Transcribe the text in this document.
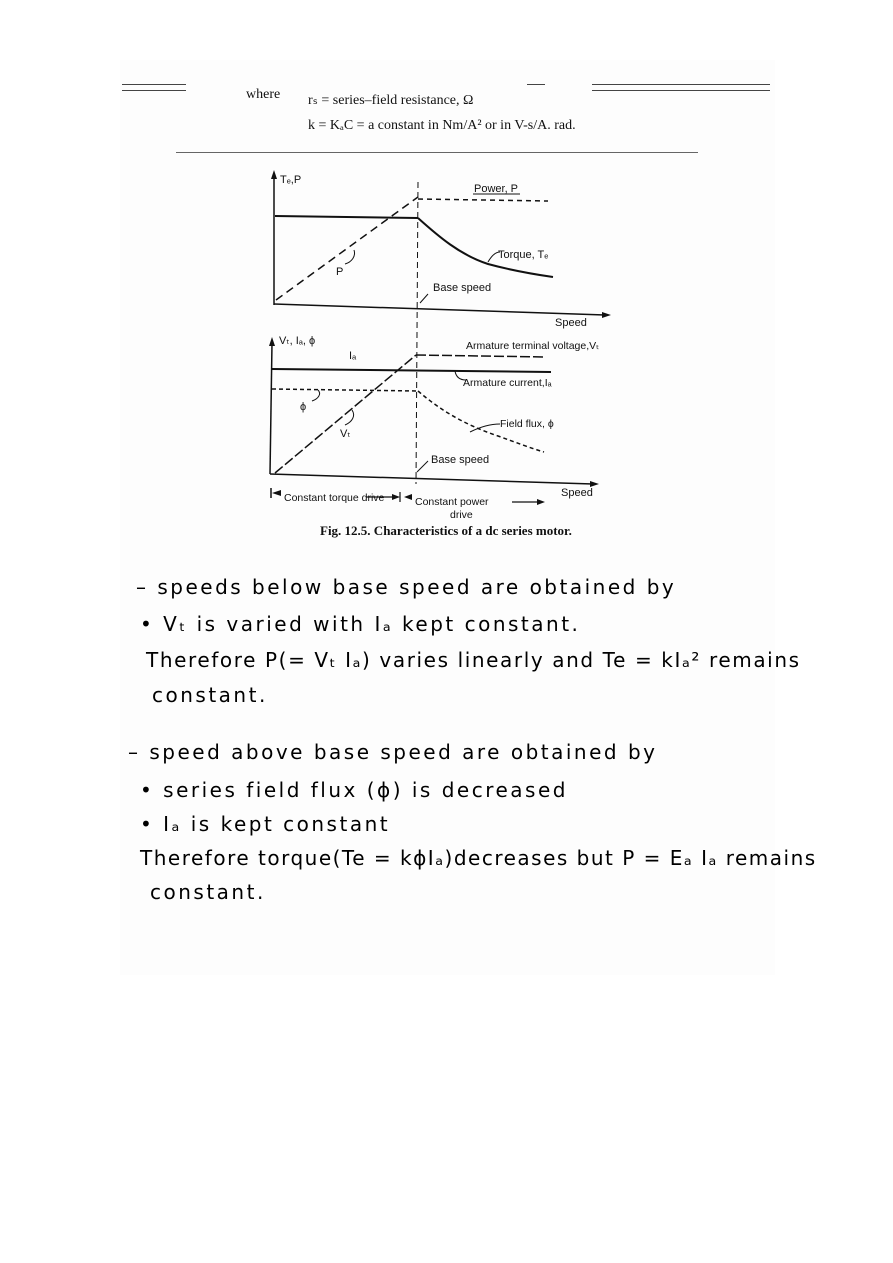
where rₛ = series–field resistance, Ω
k = KₐC = a constant in Nm/A² or in V-s/A. rad.
Tₑ,P
Power, P
Torque, Tₑ
P
Base speed
Speed
Vₜ, Iₐ, ϕ
Iₐ
Armature terminal voltage,Vₜ
Armature current,Iₐ
Field flux, ϕ
ϕ
Vₜ
Base speed
Speed
Constant torque drive	Constant power
drive
Fig. 12.5. Characteristics of a dc series motor.
– speeds below base speed are obtained by
• Vₜ is varied with Iₐ kept constant.
Therefore P(= Vₜ Iₐ) varies linearly and Te = kIₐ² remains
constant.
– speed above base speed are obtained by
• series field flux (ϕ) is decreased
• Iₐ is kept constant
Therefore torque(Te = kϕIₐ)decreases but P = Eₐ Iₐ remains
constant.
